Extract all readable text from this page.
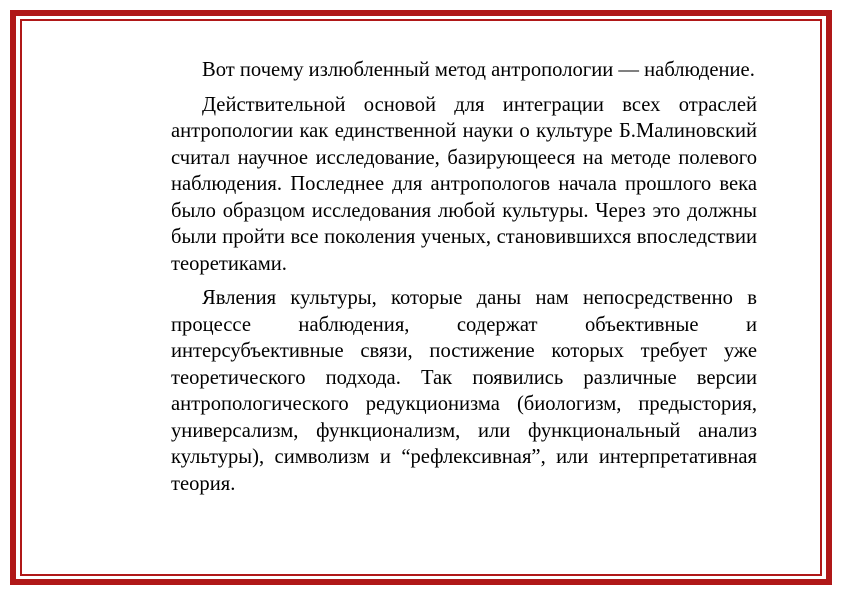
Вот почему излюбленный метод антропологии — наблюдение.

Действительной основой для интеграции всех отраслей антропологии как единственной науки о культуре Б.Малиновский считал научное исследование, базирующееся на методе полевого наблюдения. Последнее для антропологов начала прошлого века было образцом исследования любой культуры. Через это должны были пройти все поколения ученых, становившихся впоследствии теоретиками.

Явления культуры, которые даны нам непосредственно в процессе наблюдения, содержат объективные и интерсубъективные связи, постижение которых требует уже теоретического подхода. Так появились различные версии антропологического редукционизма (биологизм, предыстория, универсализм, функционализм, или функциональный анализ культуры), символизм и “рефлексивная”, или интерпретативная теория.
